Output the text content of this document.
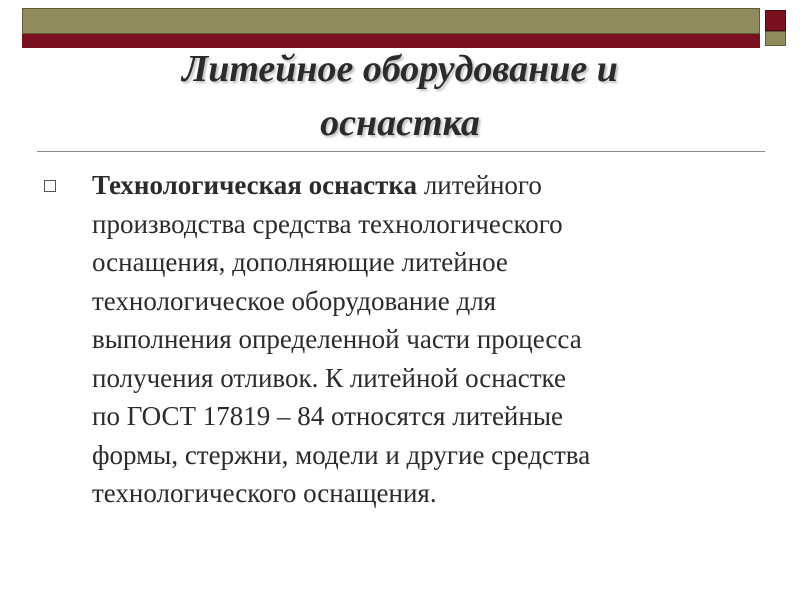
Литейное оборудование и
оснастка
Технологическая оснастка литейного
производства средства технологического
оснащения, дополняющие литейное
технологическое оборудование для
выполнения определенной части процесса
получения отливок. К литейной оснастке
по ГОСТ 17819 – 84 относятся литейные
формы, стержни, модели и другие средства
технологического оснащения.
